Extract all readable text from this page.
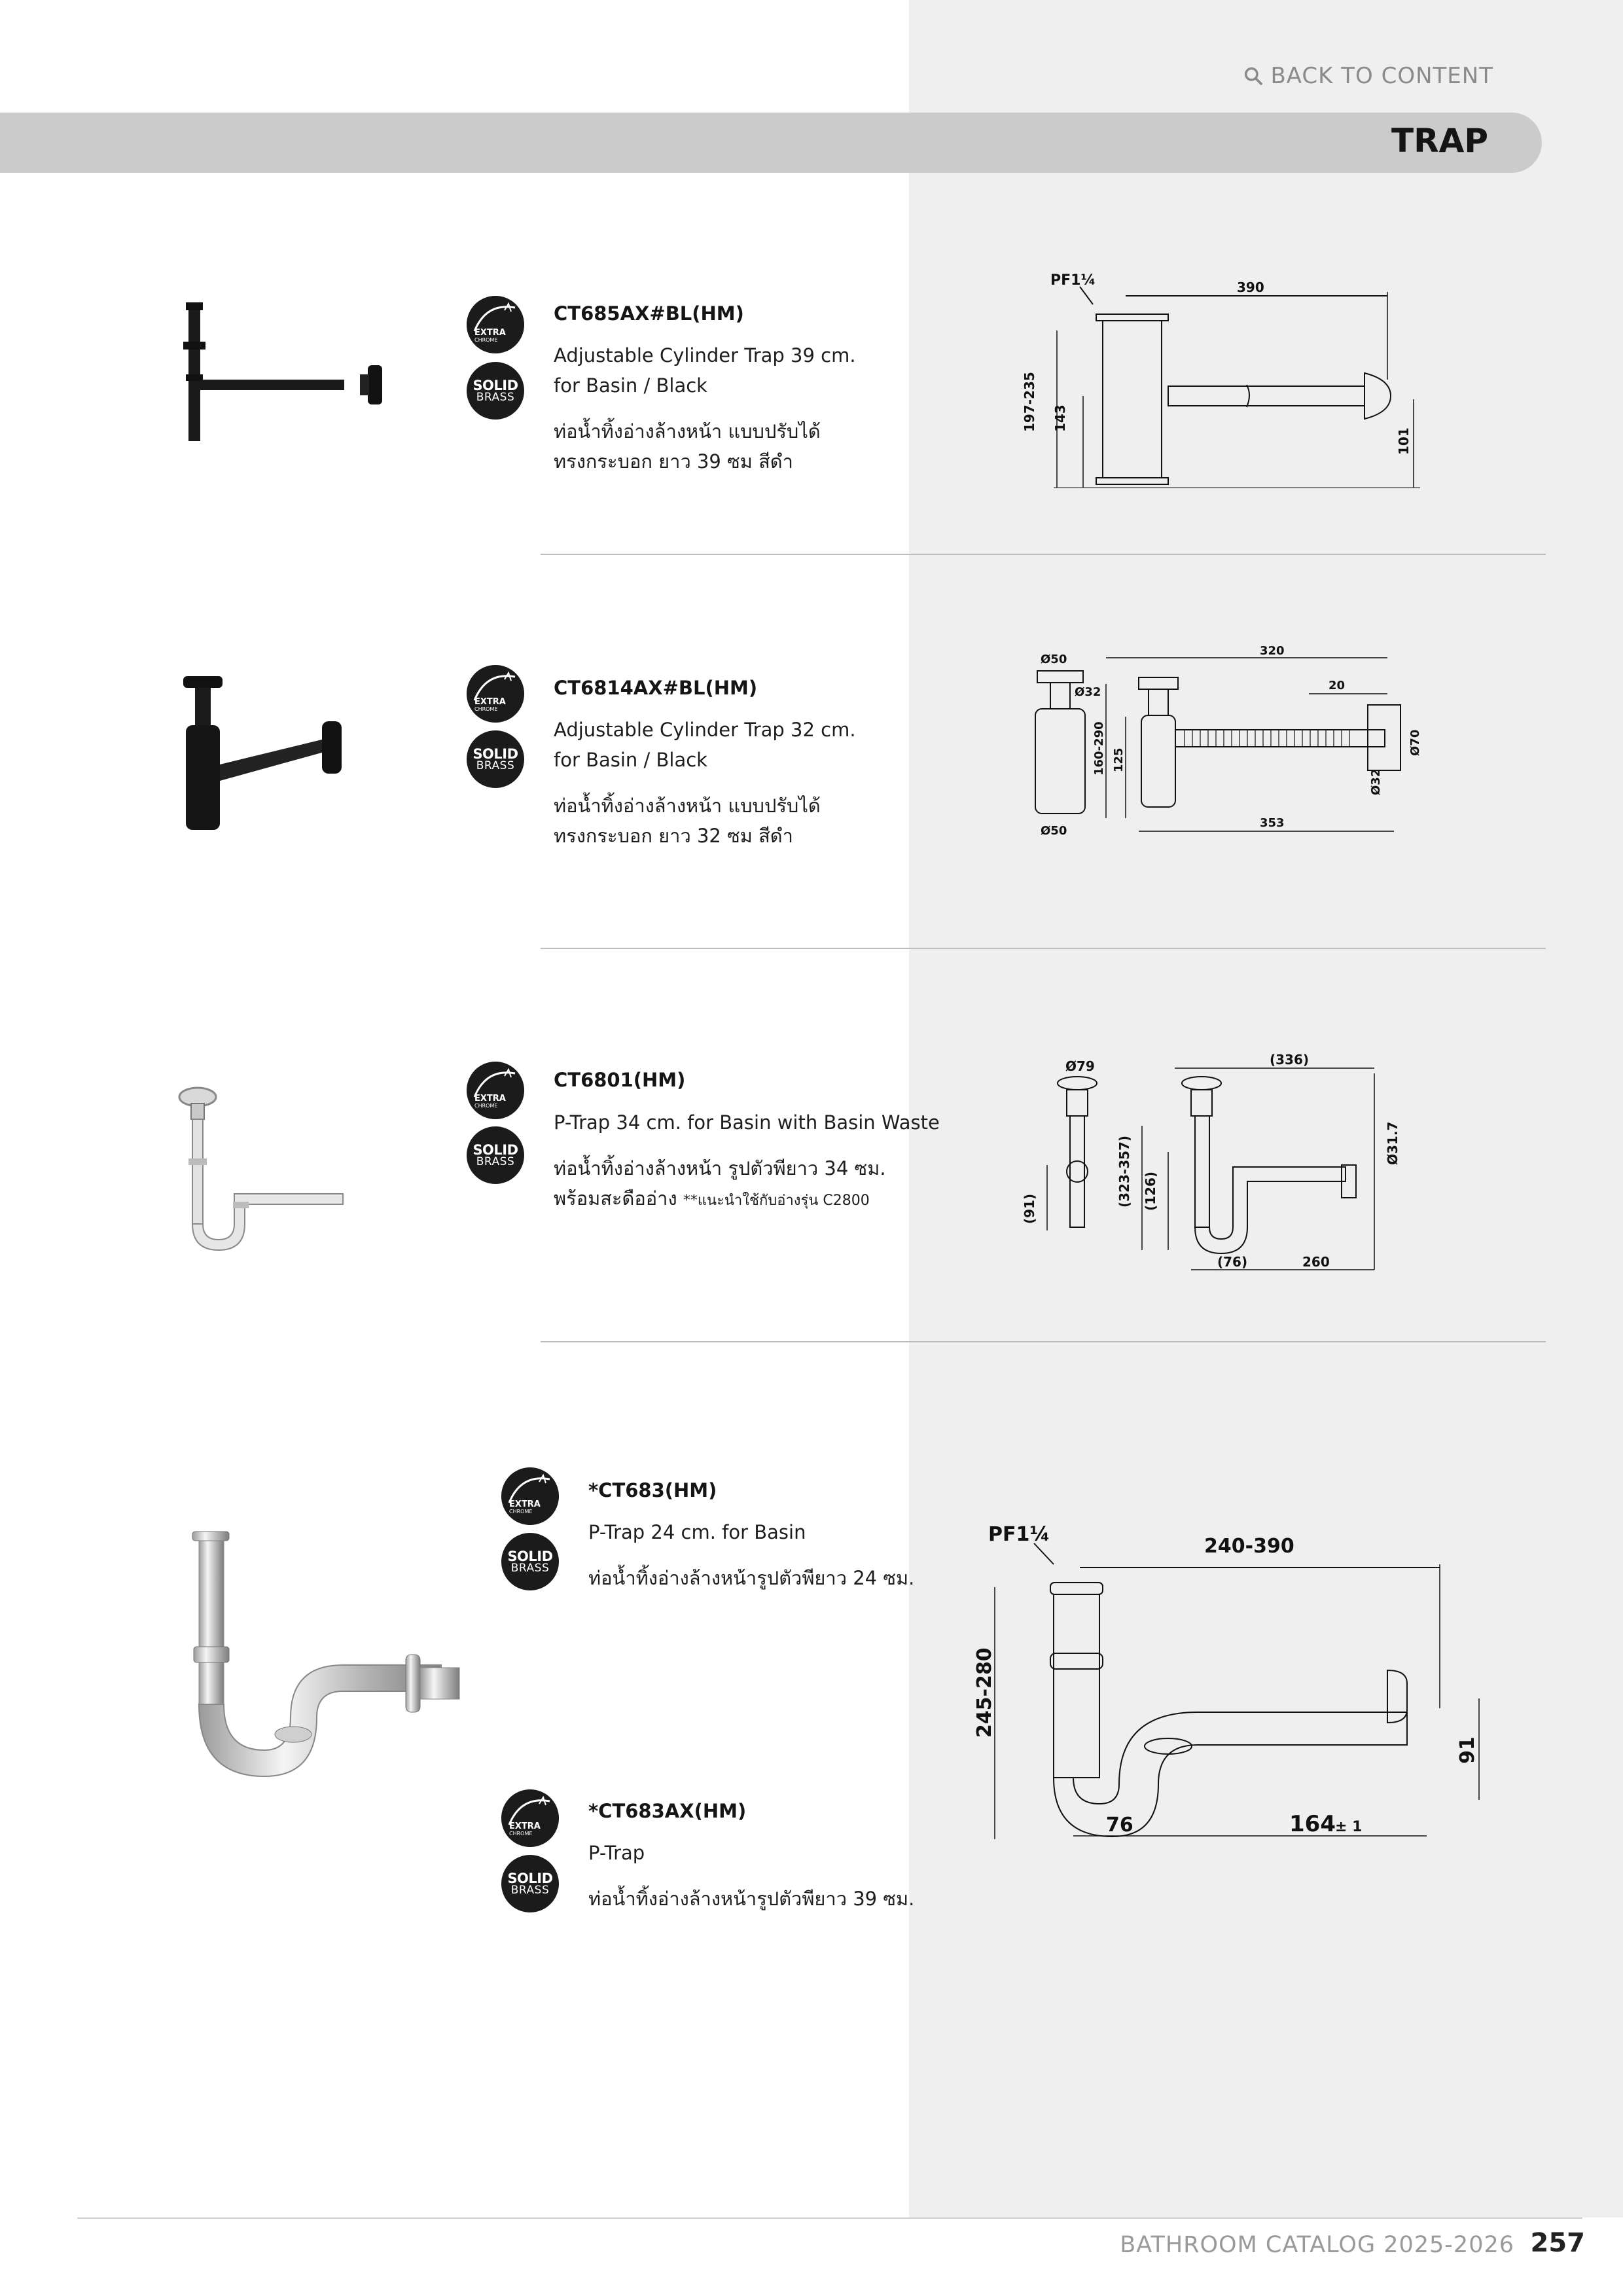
BACK TO CONTENT
TRAP
EXTRA
CHROME
SOLID
BRASS
CT685AX#BL(HM)
Adjustable Cylinder Trap 39 cm.
for Basin / Black
ท่อน้ำทิ้งอ่างล้างหน้า แบบปรับได้
ทรงกระบอก ยาว 39 ซม สีดำ
PF1¼	390
197-235 143
101
EXTRA
CHROME
SOLID
BRASS
CT6814AX#BL(HM)
Adjustable Cylinder Trap 32 cm.
for Basin / Black
ท่อน้ำทิ้งอ่างล้างหน้า แบบปรับได้
ทรงกระบอก ยาว 32 ซม สีดำ
Ø50
Ø32
Ø50
320
20
160-290 125
353
Ø32
Ø70
EXTRA
CHROME
SOLID
BRASS
CT6801(HM)
P-Trap 34 cm. for Basin with Basin Waste
ท่อน้ำทิ้งอ่างล้างหน้า รูปตัวพียาว 34 ซม.
พร้อมสะดืออ่าง **แนะนำใช้กับอ่างรุ่น C2800
Ø79
(91)
(336)
(323-357) (126)
Ø31.7
(76)	260
EXTRA
CHROME
SOLID
BRASS
*CT683(HM)
P-Trap 24 cm. for Basin
ท่อน้ำทิ้งอ่างล้างหน้ารูปตัวพียาว 24 ซม.
EXTRA
CHROME
SOLID
BRASS
*CT683AX(HM)
P-Trap
ท่อน้ำทิ้งอ่างล้างหน้ารูปตัวพียาว 39 ซม.
PF1¼
240-390
245-280
91
76	164 ± 1
BATHROOM CATALOG 2025-2026 257
